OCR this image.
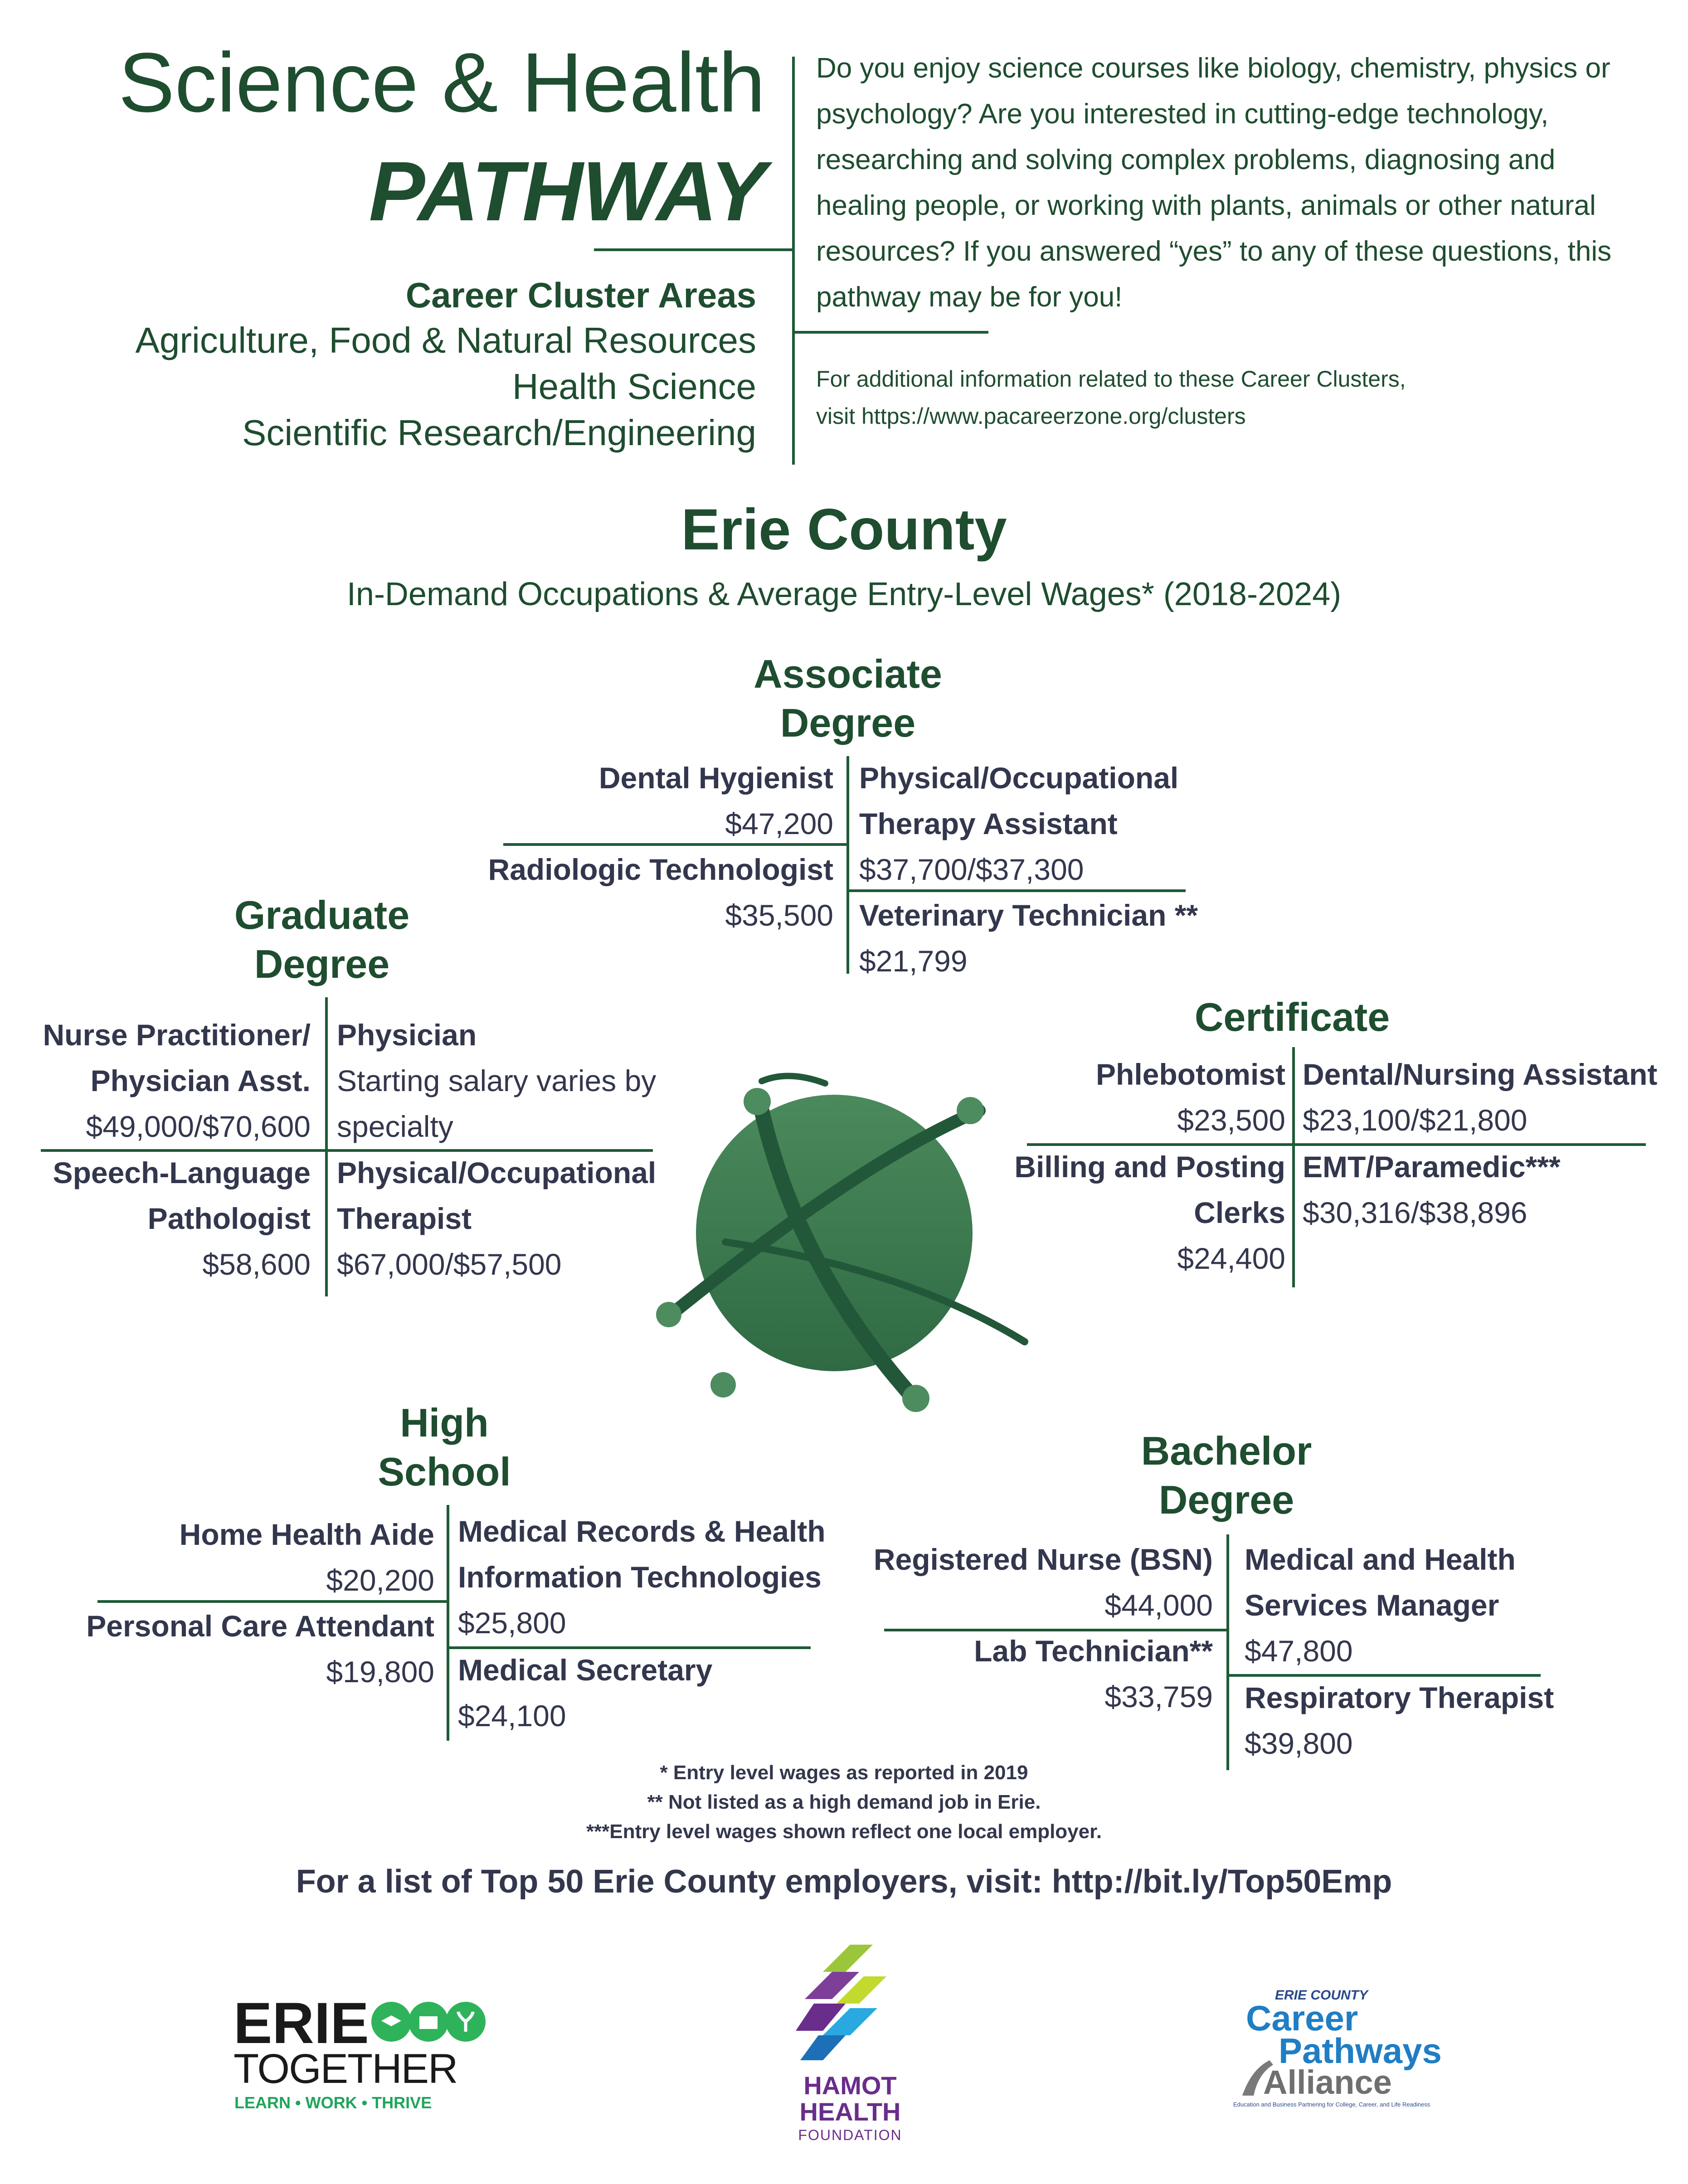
Science & Health
PATHWAY
Career Cluster Areas
Agriculture, Food & Natural Resources
Health Science
Scientific Research/Engineering
Do you enjoy science courses like biology, chemistry, physics or psychology? Are you interested in cutting-edge technology, researching and solving complex problems, diagnosing and healing people, or working with plants, animals or other natural resources? If you answered “yes” to any of these questions, this pathway may be for you!
For additional information related to these Career Clusters,
visit https://www.pacareerzone.org/clusters
Erie County
In-Demand Occupations & Average Entry-Level Wages* (2018-2024)
Associate
Degree
Dental Hygienist
$47,200
Radiologic Technologist
$35,500
Physical/Occupational
Therapy Assistant
$37,700/$37,300
Veterinary Technician **
$21,799
Graduate
Degree
Nurse Practitioner/
Physician Asst.
$49,000/$70,600
Speech-Language
Pathologist
$58,600
Physician
Starting salary varies by
specialty
Physical/Occupational
Therapist
$67,000/$57,500
Certificate
Phlebotomist
$23,500
Billing and Posting
Clerks
$24,400
Dental/Nursing Assistant
$23,100/$21,800
EMT/Paramedic***
$30,316/$38,896
High
School
Home Health Aide
$20,200
Personal Care Attendant
$19,800
Medical Records & Health
Information Technologies
$25,800
Medical Secretary
$24,100
Bachelor
Degree
Registered Nurse (BSN)
$44,000
Lab Technician**
$33,759
Medical and Health
Services Manager
$47,800
Respiratory Therapist
$39,800
* Entry level wages as reported in 2019
** Not listed as a high demand job in Erie.
***Entry level wages shown reflect one local employer.
For a list of Top 50 Erie County employers, visit: http://bit.ly/Top50Emp
ERIE
TOGETHER
LEARN • WORK • THRIVE
HAMOT
HEALTH
FOUNDATION
ERIE COUNTY
Career
Pathways
Alliance
Education and Business Partnering for College, Career, and Life Readiness
